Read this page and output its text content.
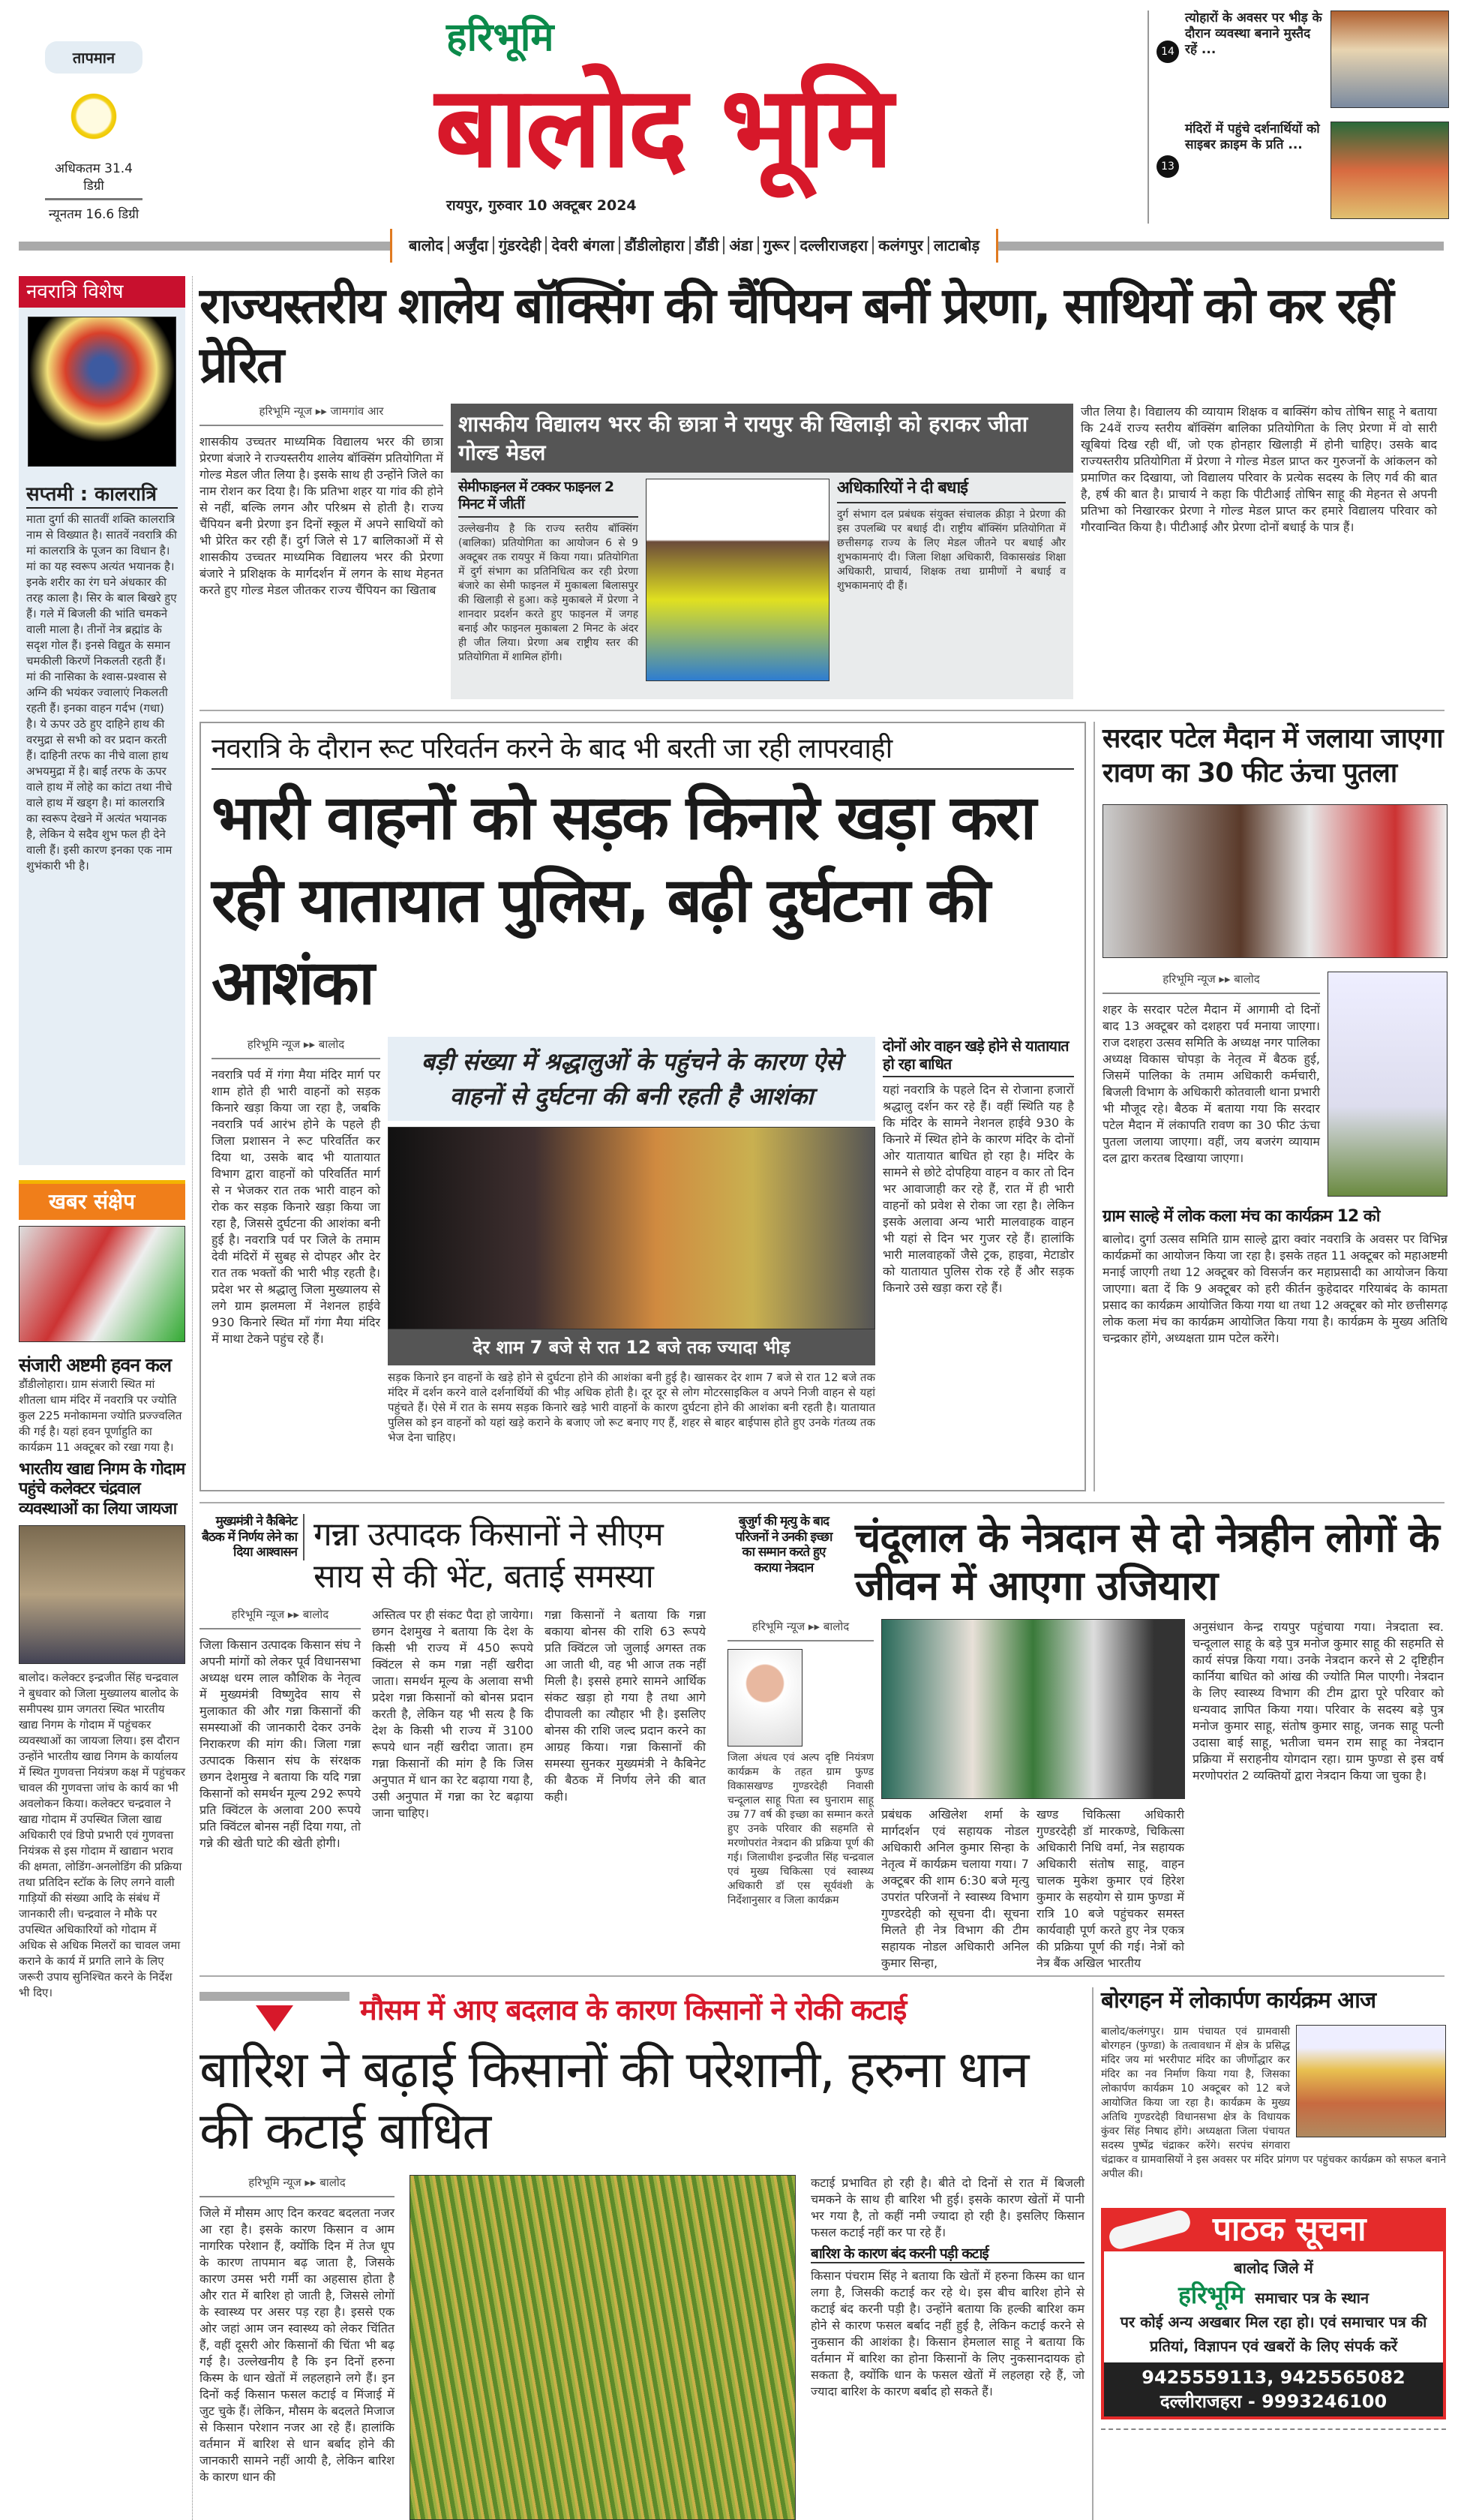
तापमान
अधिकतम 31.4 डिग्री
न्यूनतम 16.6 डिग्री
हरिभूमि
बालोद भूमि
रायपुर, गुरुवार 10 अक्टूबर 2024
बालोद अर्जुंदा गुंडरदेही देवरी बंगला डौंडीलोहारा डौंडी अंडा गुरूर दल्लीराजहरा कलंगपुर लाटाबोड़
14
त्योहारों के अवसर पर भीड़ के दौरान व्यवस्था बनाने मुस्तैद रहें ...
13
मंदिरों में पहुंचे दर्शनार्थियों को साइबर क्राइम के प्रति ...
नवरात्रि विशेष
सप्तमी : कालरात्रि
माता दुर्गा की सातवीं शक्ति कालरात्रि नाम से विख्यात है। सातवें नवरात्रि की मां कालरात्रि के पूजन का विधान है। मां का यह स्वरूप अत्यंत भयानक है। इनके शरीर का रंग घने अंधकार की तरह काला है। सिर के बाल बिखरे हुए हैं। गले में बिजली की भांति चमकने वाली माला है। तीनों नेत्र ब्रह्मांड के सदृश गोल हैं। इनसे विद्युत के समान चमकीली किरणें निकलती रहती हैं। मां की नासिका के श्वास-प्रश्वास से अग्नि की भयंकर ज्वालाएं निकलती रहती हैं। इनका वाहन गर्दभ (गधा) है। ये ऊपर उठे हुए दाहिने हाथ की वरमुद्रा से सभी को वर प्रदान करती हैं। दाहिनी तरफ का नीचे वाला हाथ अभयमुद्रा में है। बाईं तरफ के ऊपर वाले हाथ में लोहे का कांटा तथा नीचे वाले हाथ में खड्ग है। मां कालरात्रि का स्वरूप देखने में अत्यंत भयानक है, लेकिन ये सदैव शुभ फल ही देने वाली हैं। इसी कारण इनका एक नाम शुभंकारी भी है।
खबर संक्षेप
संजारी अष्टमी हवन कल
डौंडीलोहारा। ग्राम संजारी स्थित मां शीतला धाम मंदिर में नवरात्रि पर ज्योति कुल 225 मनोकामना ज्योति प्रज्ज्वलित की गई है। यहां हवन पूर्णाहुति का कार्यक्रम 11 अक्टूबर को रखा गया है।
भारतीय खाद्य निगम के गोदाम पहुंचे कलेक्टर चंद्रवाल व्यवस्थाओं का लिया जायजा
बालोद। कलेक्टर इन्द्रजीत सिंह चन्द्रवाल ने बुधवार को जिला मुख्यालय बालोद के समीपस्थ ग्राम जगतरा स्थित भारतीय खाद्य निगम के गोदाम में पहुंचकर व्यवस्थाओं का जायजा लिया। इस दौरान उन्होंने भारतीय खाद्य निगम के कार्यालय में स्थित गुणवत्ता नियंत्रण कक्ष में पहुंचकर चावल की गुणवत्ता जांच के कार्य का भी अवलोकन किया। कलेक्टर चन्द्रवाल ने खाद्य गोदाम में उपस्थित जिला खाद्य अधिकारी एवं डिपो प्रभारी एवं गुणवत्ता नियंत्रक से इस गोदाम में खाद्यान भराव की क्षमता, लोडिंग-अनलोडिंग की प्रक्रिया तथा प्रतिदिन स्टॉक के लिए लगने वाली गाड़ियों की संख्या आदि के संबंध में जानकारी ली। चन्द्रवाल ने मौके पर उपस्थित अधिकारियों को गोदाम में अधिक से अधिक मिलरों का चावल जमा कराने के कार्य में प्रगति लाने के लिए जरूरी उपाय सुनिश्चित करने के निर्देश भी दिए।
राज्यस्तरीय शालेय बॉक्सिंग की चैंपियन बनीं प्रेरणा, साथियों को कर रहीं प्रेरित
हरिभूमि न्यूज ▸▸ जामगांव आर
शासकीय उच्चतर माध्यमिक विद्यालय भरर की छात्रा प्रेरणा बंजारे ने राज्यस्तरीय शालेय बॉक्सिंग प्रतियोगिता में गोल्ड मेडल जीत लिया है। इसके साथ ही उन्होंने जिले का नाम रोशन कर दिया है। कि प्रतिभा शहर या गांव की होने से नहीं, बल्कि लगन और परिश्रम से होती है। राज्य चैंपियन बनी प्रेरणा इन दिनों स्कूल में अपने साथियों को भी प्रेरित कर रही हैं। दुर्ग जिले से 17 बालिकाओं में से शासकीय उच्चतर माध्यमिक विद्यालय भरर की प्रेरणा बंजारे ने प्रशिक्षक के मार्गदर्शन में लगन के साथ मेहनत करते हुए गोल्ड मेडल जीतकर राज्य चैंपियन का खिताब
शासकीय विद्यालय भरर की छात्रा ने रायपुर की खिलाड़ी को हराकर जीता गोल्ड मेडल
सेमीफाइनल में टक्कर फाइनल 2 मिनट में जीतीं
उल्लेखनीय है कि राज्य स्तरीय बॉक्सिंग (बालिका) प्रतियोगिता का आयोजन 6 से 9 अक्टूबर तक रायपुर में किया गया। प्रतियोगिता में दुर्ग संभाग का प्रतिनिधित्व कर रही प्रेरणा बंजारे का सेमी फाइनल में मुकाबला बिलासपुर की खिलाड़ी से हुआ। कड़े मुकाबले में प्रेरणा ने शानदार प्रदर्शन करते हुए फाइनल में जगह बनाई और फाइनल मुकाबला 2 मिनट के अंदर ही जीत लिया। प्रेरणा अब राष्ट्रीय स्तर की प्रतियोगिता में शामिल होंगी।
अधिकारियों ने दी बधाई
दुर्ग संभाग दल प्रबंधक संयुक्त संचालक क्रीड़ा ने प्रेरणा की इस उपलब्धि पर बधाई दी। राष्ट्रीय बॉक्सिंग प्रतियोगिता में छत्तीसगढ़ राज्य के लिए मेडल जीतने पर बधाई और शुभकामनाएं दी। जिला शिक्षा अधिकारी, विकासखंड शिक्षा अधिकारी, प्राचार्य, शिक्षक तथा ग्रामीणों ने बधाई व शुभकामनाएं दी हैं।
जीत लिया है। विद्यालय की व्यायाम शिक्षक व बाक्सिंग कोच तोषिन साहू ने बताया कि 24वें राज्य स्तरीय बॉक्सिंग बालिका प्रतियोगिता के लिए प्रेरणा में वो सारी खूबियां दिख रही थीं, जो एक होनहार खिलाड़ी में होनी चाहिए। उसके बाद राज्यस्तरीय प्रतियोगिता में प्रेरणा ने गोल्ड मेडल प्राप्त कर गुरुजनों के आंकलन को प्रमाणित कर दिखाया, जो विद्यालय परिवार के प्रत्येक सदस्य के लिए गर्व की बात है, हर्ष की बात है। प्राचार्य ने कहा कि पीटीआई तोषिन साहू की मेहनत से अपनी प्रतिभा को निखारकर प्रेरणा ने गोल्ड मेडल प्राप्त कर हमारे विद्यालय परिवार को गौरवान्वित किया है। पीटीआई और प्रेरणा दोनों बधाई के पात्र हैं।
नवरात्रि के दौरान रूट परिवर्तन करने के बाद भी बरती जा रही लापरवाही
भारी वाहनों को सड़क किनारे खड़ा करा रही यातायात पुलिस, बढ़ी दुर्घटना की आशंका
हरिभूमि न्यूज ▸▸ बालोद
नवरात्रि पर्व में गंगा मैया मंदिर मार्ग पर शाम होते ही भारी वाहनों को सड़क किनारे खड़ा किया जा रहा है, जबकि नवरात्रि पर्व आरंभ होने के पहले ही जिला प्रशासन ने रूट परिवर्तित कर दिया था, उसके बाद भी यातायात विभाग द्वारा वाहनों को परिवर्तित मार्ग से न भेजकर रात तक भारी वाहन को रोक कर सड़क किनारे खड़ा किया जा रहा है, जिससे दुर्घटना की आशंका बनी हुई है। नवरात्रि पर्व पर जिले के तमाम देवी मंदिरों में सुबह से दोपहर और देर रात तक भक्तों की भारी भीड़ रहती है। प्रदेश भर से श्रद्धालु जिला मुख्यालय से लगे ग्राम झलमला में नेशनल हाईवे 930 किनारे स्थित माँ गंगा मैया मंदिर में माथा टेकने पहुंच रहे हैं।
बड़ी संख्या में श्रद्धालुओं के पहुंचने के कारण ऐसे वाहनों से दुर्घटना की बनी रहती है आशंका
देर शाम 7 बजे से रात 12 बजे तक ज्यादा भीड़
सड़क किनारे इन वाहनों के खड़े होने से दुर्घटना होने की आशंका बनी हुई है। खासकर देर शाम 7 बजे से रात 12 बजे तक मंदिर में दर्शन करने वाले दर्शनार्थियों की भीड़ अधिक होती है। दूर दूर से लोग मोटरसाइकिल व अपने निजी वाहन से यहां पहुंचते हैं। ऐसे में रात के समय सड़क किनारे खड़े भारी वाहनों के कारण दुर्घटना होने की आशंका बनी रहती है। यातायात पुलिस को इन वाहनों को यहां खड़े कराने के बजाए जो रूट बनाए गए हैं, शहर से बाहर बाईपास होते हुए उनके गंतव्य तक भेज देना चाहिए।
दोनों ओर वाहन खड़े होने से यातायात हो रहा बाधित
यहां नवरात्रि के पहले दिन से रोजाना हजारों श्रद्धालु दर्शन कर रहे हैं। वहीं स्थिति यह है कि मंदिर के सामने नेशनल हाईवे 930 के किनारे में स्थित होने के कारण मंदिर के दोनों ओर यातायात बाधित हो रहा है। मंदिर के सामने से छोटे दोपहिया वाहन व कार तो दिन भर आवाजाही कर रहे हैं, रात में ही भारी वाहनों को प्रवेश से रोका जा रहा है। लेकिन इसके अलावा अन्य भारी मालवाहक वाहन भी यहां से दिन भर गुजर रहे हैं। हालांकि भारी मालवाहकों जैसे ट्रक, हाइवा, मेटाडोर को यातायात पुलिस रोक रहे हैं और सड़क किनारे उसे खड़ा करा रहे हैं।
सरदार पटेल मैदान में जलाया जाएगा रावण का 30 फीट ऊंचा पुतला
हरिभूमि न्यूज ▸▸ बालोद
शहर के सरदार पटेल मैदान में आगामी दो दिनों बाद 13 अक्टूबर को दशहरा पर्व मनाया जाएगा। राज दशहरा उत्सव समिति के अध्यक्ष नगर पालिका अध्यक्ष विकास चोपड़ा के नेतृत्व में बैठक हुई, जिसमें पालिका के तमाम अधिकारी कर्मचारी, बिजली विभाग के अधिकारी कोतवाली थाना प्रभारी भी मौजूद रहे। बैठक में बताया गया कि सरदार पटेल मैदान में लंकापति रावण का 30 फीट ऊंचा पुतला जलाया जाएगा। वहीं, जय बजरंग व्यायाम दल द्वारा करतब दिखाया जाएगा।
ग्राम साल्हे में लोक कला मंच का कार्यक्रम 12 को
बालोद। दुर्गा उत्सव समिति ग्राम साल्हे द्वारा क्वांर नवरात्रि के अवसर पर विभिन्न कार्यक्रमों का आयोजन किया जा रहा है। इसके तहत 11 अक्टूबर को महाअष्टमी मनाई जाएगी तथा 12 अक्टूबर को विसर्जन कर महाप्रसादी का आयोजन किया जाएगा। बता दें कि 9 अक्टूबर को हरी कीर्तन कुहेदादर गरियाबंद के कामता प्रसाद का कार्यक्रम आयोजित किया गया था तथा 12 अक्टूबर को मोर छत्तीसगढ़ लोक कला मंच का कार्यक्रम आयोजित किया गया है। कार्यक्रम के मुख्य अतिथि चन्द्रकार होंगे, अध्यक्षता ग्राम पटेल करेंगे।
मुख्यमंत्री ने कैबिनेट बैठक में निर्णय लेने का दिया आश्वासन गन्ना उत्पादक किसानों ने सीएम साय से की भेंट, बताई समस्या
हरिभूमि न्यूज ▸▸ बालोद
जिला किसान उत्पादक किसान संघ ने अपनी मांगों को लेकर पूर्व विधानसभा अध्यक्ष धरम लाल कौशिक के नेतृत्व में मुख्यमंत्री विष्णुदेव साय से मुलाकात की और गन्ना किसानों की समस्याओं की जानकारी देकर उनके निराकरण की मांग की। जिला गन्ना उत्पादक किसान संघ के संरक्षक छगन देशमुख ने बताया कि यदि गन्ना किसानों को समर्थन मूल्य 292 रूपये प्रति क्विंटल के अलावा 200 रूपये प्रति क्विंटल बोनस नहीं दिया गया, तो गन्ने की खेती घाटे की खेती होगी।
अस्तित्व पर ही संकट पैदा हो जायेगा। छगन देशमुख ने बताया कि देश के किसी भी राज्य में 450 रूपये क्विंटल से कम गन्ना नहीं खरीदा जाता। समर्थन मूल्य के अलावा सभी प्रदेश गन्ना किसानों को बोनस प्रदान करती है, लेकिन यह भी सत्य है कि देश के किसी भी राज्य में 3100 रूपये धान नहीं खरीदा जाता। हम गन्ना किसानों की मांग है कि जिस अनुपात में धान का रेट बढ़ाया गया है, उसी अनुपात में गन्ना का रेट बढ़ाया जाना चाहिए।
गन्ना किसानों ने बताया कि गन्ना बकाया बोनस की राशि 63 रूपये प्रति क्विंटल जो जुलाई अगस्त तक आ जाती थी, वह भी आज तक नहीं मिली है। इससे हमारे सामने आर्थिक संकट खड़ा हो गया है तथा आगे दीपावली का त्यौहार भी है। इसलिए बोनस की राशि जल्द प्रदान करने का आग्रह किया। गन्ना किसानों की समस्या सुनकर मुख्यमंत्री ने कैबिनेट की बैठक में निर्णय लेने की बात कही।
बुजुर्ग की मृत्यु के बाद परिजनों ने उनकी इच्छा का सम्मान करते हुए कराया नेत्रदान
चंदूलाल के नेत्रदान से दो नेत्रहीन लोगों के जीवन में आएगा उजियारा
हरिभूमि न्यूज ▸▸ बालोद
जिला अंधत्व एवं अल्प दृष्टि नियंत्रण कार्यक्रम के तहत ग्राम फुण्ड विकासखण्ड गुण्डरदेही निवासी चन्दूलाल साहू पिता स्व घुनाराम साहू उम्र 77 वर्ष की इच्छा का सम्मान करते हुए उनके परिवार की सहमति से मरणोपरांत नेत्रदान की प्रक्रिया पूर्ण की गई। जिलाधीश इन्द्रजीत सिंह चन्द्रवाल एवं मुख्य चिकित्सा एवं स्वास्थ्य अधिकारी डॉ एस सूर्यवंशी के निर्देशानुसार व जिला कार्यक्रम
प्रबंधक अखिलेश शर्मा के मार्गदर्शन एवं सहायक नोडल अधिकारी अनिल कुमार सिन्हा के नेतृत्व में कार्यक्रम चलाया गया। 7 अक्टूबर की शाम 6:30 बजे मृत्यु उपरांत परिजनों ने स्वास्थ्य विभाग गुण्डरदेही को सूचना दी। सूचना मिलते ही नेत्र विभाग की टीम सहायक नोडल अधिकारी अनिल कुमार सिन्हा,
खण्ड चिकित्सा अधिकारी गुण्डरदेही डॉ मारकण्डे, चिकित्सा अधिकारी निधि वर्मा, नेत्र सहायक अधिकारी संतोष साहू, वाहन चालक मुकेश कुमार एवं हिरेश कुमार के सहयोग से ग्राम फुण्डा में रात्रि 10 बजे पहुंचकर समस्त कार्यवाही पूर्ण करते हुए नेत्र एकत्र की प्रक्रिया पूर्ण की गई। नेत्रों को नेत्र बैंक अखिल भारतीय
अनुसंधान केन्द्र रायपुर पहुंचाया गया। नेत्रदाता स्व. चन्दूलाल साहू के बड़े पुत्र मनोज कुमार साहू की सहमति से कार्य संपन्न किया गया। उनके नेत्रदान करने से 2 दृष्टिहीन कार्निया बाधित को आंख की ज्योति मिल पाएगी। नेत्रदान के लिए स्वास्थ्य विभाग की टीम द्वारा पूरे परिवार को धन्यवाद ज्ञापित किया गया। परिवार के सदस्य बड़े पुत्र मनोज कुमार साहू, संतोष कुमार साहू, जनक साहू पत्नी उदासा बाई साहू, भतीजा चमन राम साहू का नेत्रदान प्रक्रिया में सराहनीय योगदान रहा। ग्राम फुण्डा से इस वर्ष मरणोपरांत 2 व्यक्तियों द्वारा नेत्रदान किया जा चुका है।
मौसम में आए बदलाव के कारण किसानों ने रोकी कटाई
बारिश ने बढ़ाई किसानों की परेशानी, हरुना धान की कटाई बाधित
हरिभूमि न्यूज ▸▸ बालोद
जिले में मौसम आए दिन करवट बदलता नजर आ रहा है। इसके कारण किसान व आम नागरिक परेशान हैं, क्योंकि दिन में तेज धूप के कारण तापमान बढ़ जाता है, जिसके कारण उमस भरी गर्मी का अहसास होता है और रात में बारिश हो जाती है, जिससे लोगों के स्वास्थ्य पर असर पड़ रहा है। इससे एक ओर जहां आम जन स्वास्थ्य को लेकर चिंतित हैं, वहीं दूसरी ओर किसानों की चिंता भी बढ़ गई है। उल्लेखनीय है कि इन दिनों हरुना किस्म के धान खेतों में लहलहाने लगे हैं। इन दिनों कई किसान फसल कटाई व मिंजाई में जुट चुके हैं। लेकिन, मौसम के बदलते मिजाज से किसान परेशान नजर आ रहे हैं। हालांकि वर्तमान में बारिश से धान बर्बाद होने की जानकारी सामने नहीं आयी है, लेकिन बारिश के कारण धान की
कटाई प्रभावित हो रही है। बीते दो दिनों से रात में बिजली चमकने के साथ ही बारिश भी हुई। इसके कारण खेतों में पानी भर गया है, तो कहीं नमी ज्यादा हो रही है। इसलिए किसान फसल कटाई नहीं कर पा रहे हैं।
बारिश के कारण बंद करनी पड़ी कटाई
किसान पंचराम सिंह ने बताया कि खेतों में हरुना किस्म का धान लगा है, जिसकी कटाई कर रहे थे। इस बीच बारिश होने से कटाई बंद करनी पड़ी है। उन्होंने बताया कि हल्की बारिश कम होने से कारण फसल बर्बाद नहीं हुई है, लेकिन कटाई करने से नुकसान की आशंका है। किसान हेमलाल साहू ने बताया कि वर्तमान में बारिश का होना किसानों के लिए नुकसानदायक हो सकता है, क्योंकि धान के फसल खेतों में लहलहा रहे हैं, जो ज्यादा बारिश के कारण बर्बाद हो सकते हैं।
बोरगहन में लोकार्पण कार्यक्रम आज
बालोद/कलंगपुर। ग्राम पंचायत एवं ग्रामवासी बोरगहन (फुण्डा) के तत्वावधान में क्षेत्र के प्रसिद्ध मंदिर जय मां भररीपाट मंदिर का जीर्णोद्धार कर मंदिर का नव निर्माण किया गया है, जिसका लोकार्पण कार्यक्रम 10 अक्टूबर को 12 बजे आयोजित किया जा रहा है। कार्यक्रम के मुख्य अतिथि गुण्डरदेही विधानसभा क्षेत्र के विधायक कुंवर सिंह निषाद होंगे। अध्यक्षता जिला पंचायत सदस्य पुष्पेंद्र चंद्राकर करेंगे। सरपंच संगवारा चंद्राकर व ग्रामवासियों ने इस अवसर पर मंदिर प्रांगण पर पहुंचकर कार्यक्रम को सफल बनाने अपील की।
पाठक सूचना
बालोद जिले में
हरिभूमि समाचार पत्र के स्थान
पर कोई अन्य अखबार मिल रहा हो। एवं समाचार पत्र की प्रतियां, विज्ञापन एवं खबरों के लिए संपर्क करें
9425559113, 9425565082
दल्लीराजहरा - 9993246100
